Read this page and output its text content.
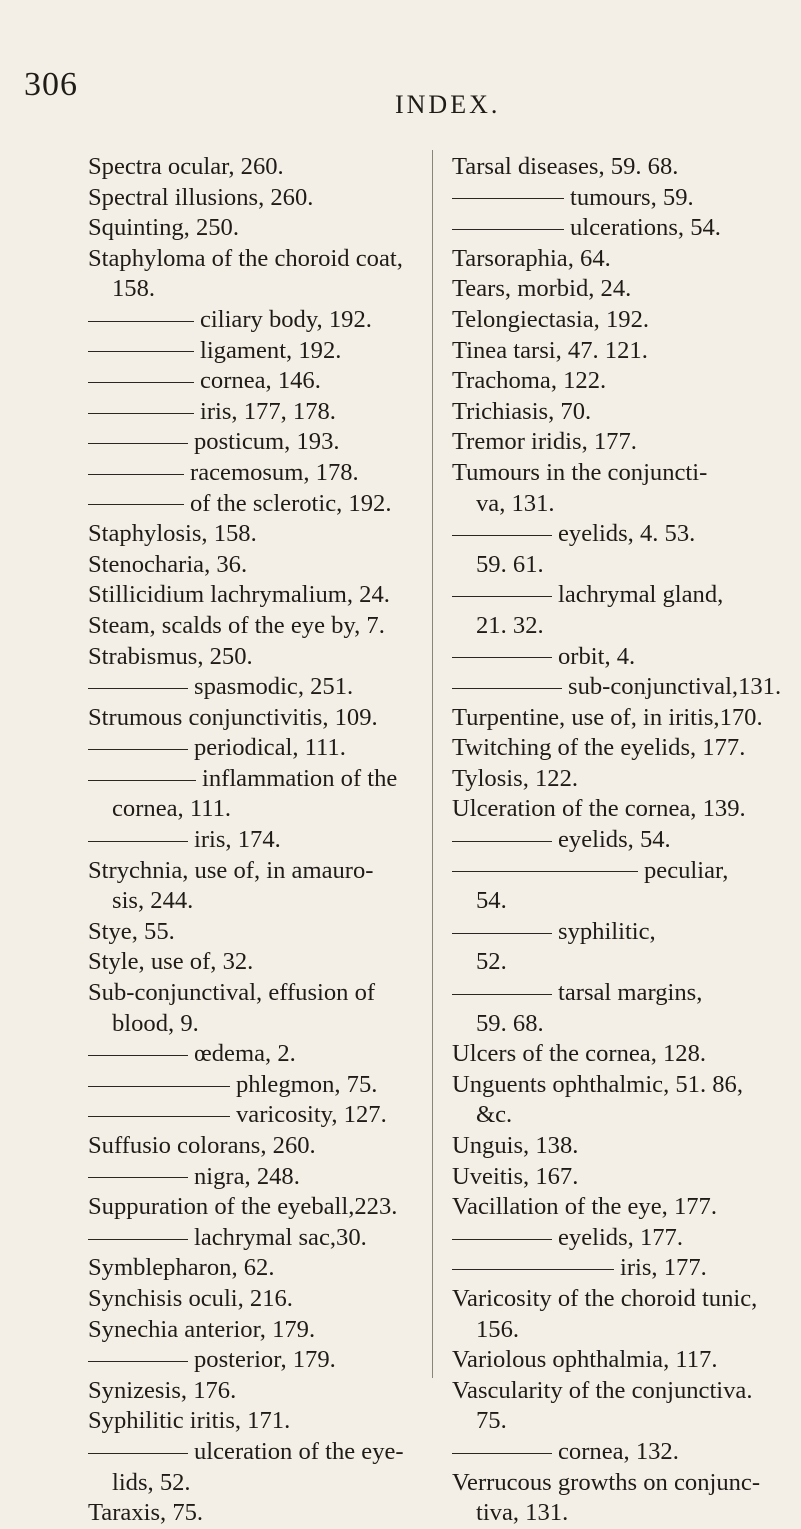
306
INDEX.
Spectra ocular, 260.
Spectral illusions, 260.
Squinting, 250.
Staphyloma of the choroid coat,
158.
ciliary body, 192.
ligament, 192.
cornea, 146.
iris, 177, 178.
posticum, 193.
racemosum, 178.
of the sclerotic, 192.
Staphylosis, 158.
Stenocharia, 36.
Stillicidium lachrymalium, 24.
Steam, scalds of the eye by, 7.
Strabismus, 250.
spasmodic, 251.
Strumous conjunctivitis, 109.
periodical, 111.
inflammation of the
cornea, 111.
iris, 174.
Strychnia, use of, in amauro-
sis, 244.
Stye, 55.
Style, use of, 32.
Sub-conjunctival, effusion of
blood, 9.
œdema, 2.
phlegmon, 75.
varicosity, 127.
Suffusio colorans, 260.
nigra, 248.
Suppuration of the eyeball,223.
lachrymal sac,30.
Symblepharon, 62.
Synchisis oculi, 216.
Synechia anterior, 179.
posterior, 179.
Synizesis, 176.
Syphilitic iritis, 171.
ulceration of the eye-
lids, 52.
Taraxis, 75.
Tarsal diseases, 59. 68.
tumours, 59.
ulcerations, 54.
Tarsoraphia, 64.
Tears, morbid, 24.
Telongiectasia, 192.
Tinea tarsi, 47. 121.
Trachoma, 122.
Trichiasis, 70.
Tremor iridis, 177.
Tumours in the conjuncti-
va, 131.
eyelids, 4. 53.
59. 61.
lachrymal gland,
21. 32.
orbit, 4.
sub-conjunctival,131.
Turpentine, use of, in iritis,170.
Twitching of the eyelids, 177.
Tylosis, 122.
Ulceration of the cornea, 139.
eyelids, 54.
peculiar,
54.
syphilitic,
52.
tarsal margins,
59. 68.
Ulcers of the cornea, 128.
Unguents ophthalmic, 51. 86,
&c.
Unguis, 138.
Uveitis, 167.
Vacillation of the eye, 177.
eyelids, 177.
iris, 177.
Varicosity of the choroid tunic,
156.
Variolous ophthalmia, 117.
Vascularity of the conjunctiva.
75.
cornea, 132.
Verrucous growths on conjunc-
tiva, 131.
